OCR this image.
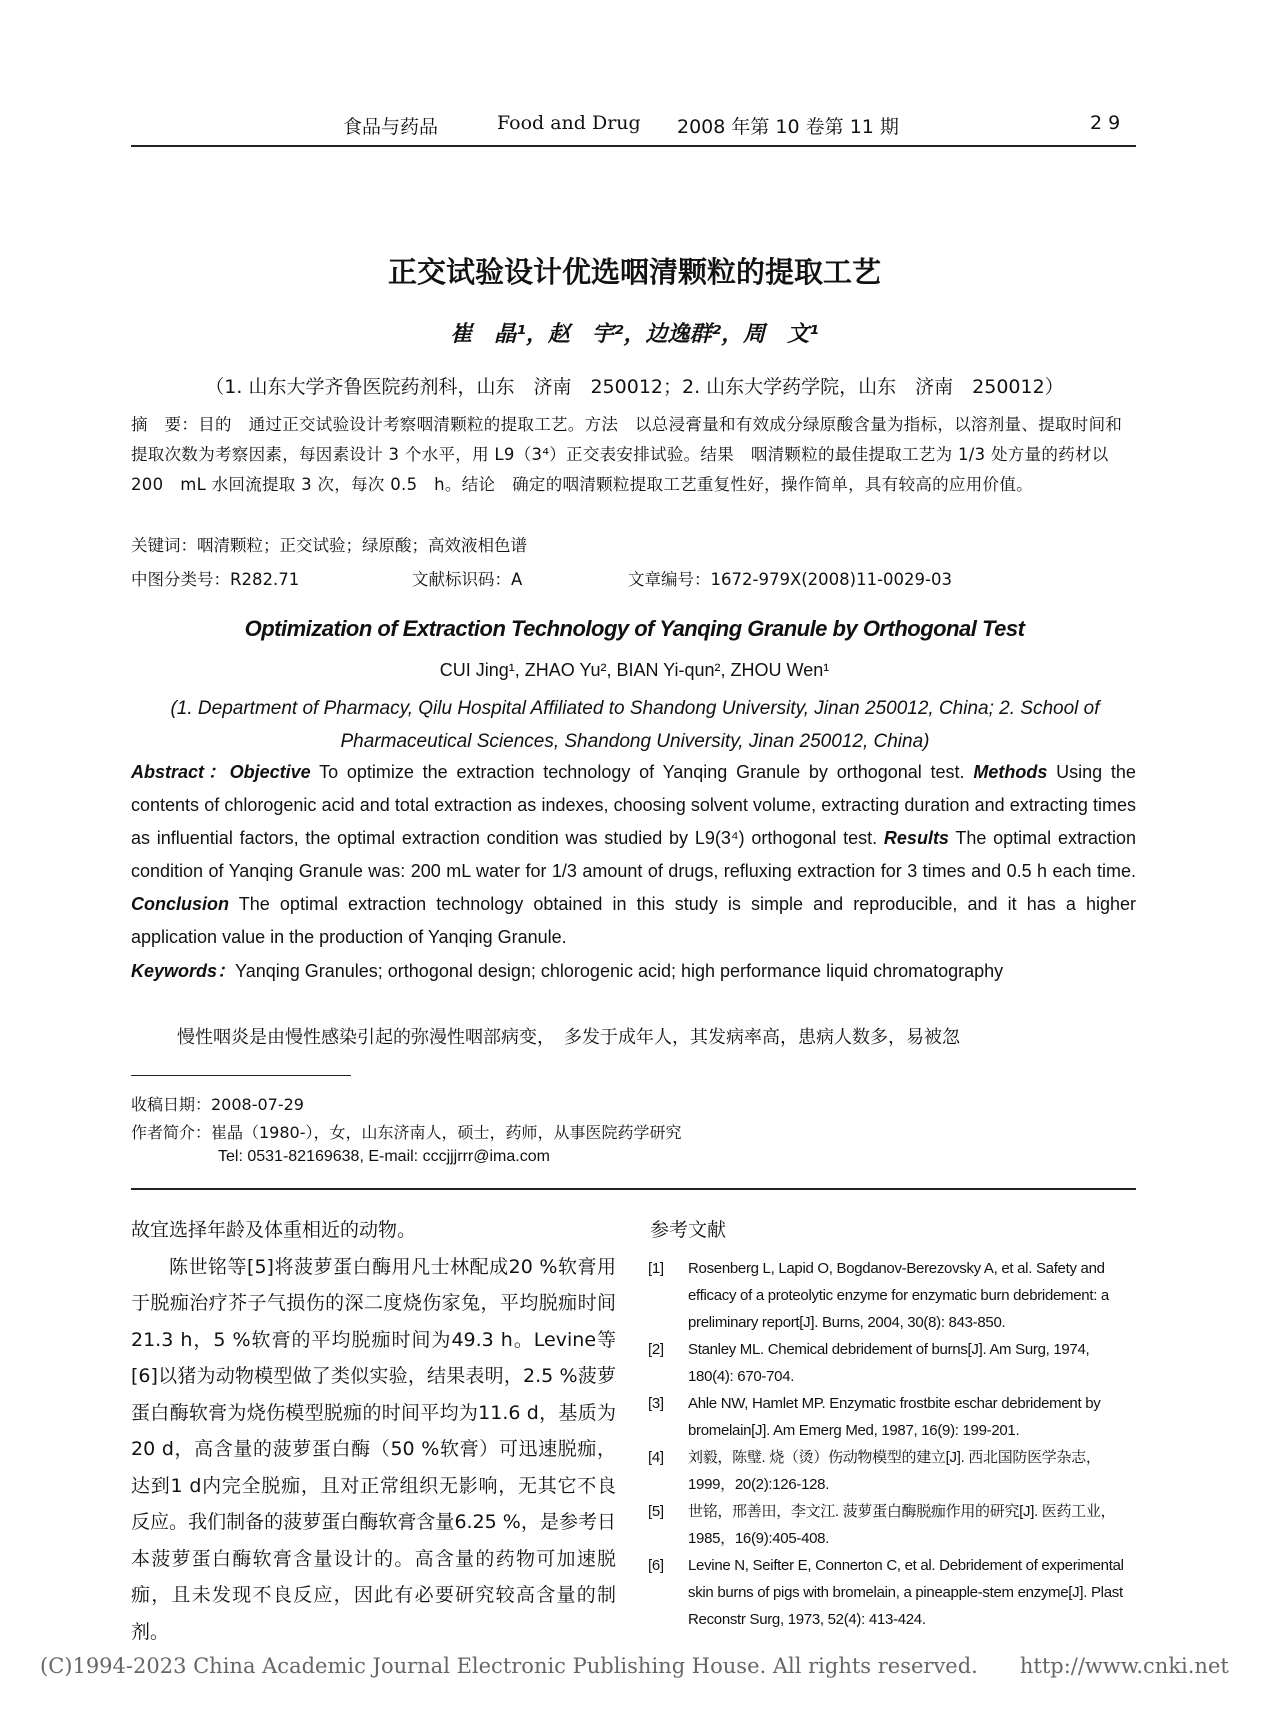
食品与药品	Food and Drug 2008 年第 10 卷第 11 期	2 9
正交试验设计优选咽清颗粒的提取工艺
崔　晶¹，赵　宇²，边逸群²，周　文¹
（1. 山东大学齐鲁医院药剂科，山东　济南　250012；2. 山东大学药学院，山东　济南　250012）
摘　要：目的　通过正交试验设计考察咽清颗粒的提取工艺。方法　以总浸膏量和有效成分绿原酸含量为指标，以溶剂量、提取时间和提取次数为考察因素，每因素设计 3 个水平，用 L9（3⁴）正交表安排试验。结果　咽清颗粒的最佳提取工艺为 1/3 处方量的药材以 200　mL 水回流提取 3 次，每次 0.5　h。结论　确定的咽清颗粒提取工艺重复性好，操作简单，具有较高的应用价值。
关键词：咽清颗粒；正交试验；绿原酸；高效液相色谱
中图分类号：R282.71	文献标识码：A	文章编号：1672-979X(2008)11-0029-03
Optimization of Extraction Technology of Yanqing Granule by Orthogonal Test
CUI Jing¹, ZHAO Yu², BIAN Yi-qun², ZHOU Wen¹
(1. Department of Pharmacy, Qilu Hospital Affiliated to Shandong University, Jinan 250012, China; 2. School of Pharmaceutical Sciences, Shandong University, Jinan 250012, China)
Abstract：Objective To optimize the extraction technology of Yanqing Granule by orthogonal test. Methods Using the contents of chlorogenic acid and total extraction as indexes, choosing solvent volume, extracting duration and extracting times as influential factors, the optimal extraction condition was studied by L9(3⁴) orthogonal test. Results The optimal extraction condition of Yanqing Granule was: 200 mL water for 1/3 amount of drugs, refluxing extraction for 3 times and 0.5 h each time. Conclusion The optimal extraction technology obtained in this study is simple and reproducible, and it has a higher application value in the production of Yanqing Granule.
Keywords：Yanqing Granules; orthogonal design; chlorogenic acid; high performance liquid chromatography
慢性咽炎是由慢性感染引起的弥漫性咽部病变，　多发于成年人，其发病率高，患病人数多，易被忽
收稿日期：2008-07-29
作者简介：崔晶（1980-），女，山东济南人，硕士，药师，从事医院药学研究
Tel: 0531-82169638, E-mail: cccjjjrrr@ima.com

故宜选择年龄及体重相近的动物。

陈世铭等[5]将菠萝蛋白酶用凡士林配成20 %软膏用于脱痂治疗芥子气损伤的深二度烧伤家兔，平均脱痂时间21.3 h，5 %软膏的平均脱痂时间为49.3 h。Levine等[6]以猪为动物模型做了类似实验，结果表明，2.5 %菠萝蛋白酶软膏为烧伤模型脱痂的时间平均为11.6 d，基质为20 d，高含量的菠萝蛋白酶（50 %软膏）可迅速脱痂，达到1 d内完全脱痂，且对正常组织无影响，无其它不良反应。我们制备的菠萝蛋白酶软膏含量6.25 %，是参考日本菠萝蛋白酶软膏含量设计的。高含量的药物可加速脱痂，且未发现不良反应，因此有必要研究较高含量的制剂。

参考文献
[1] Rosenberg L, Lapid O, Bogdanov-Berezovsky A, et al. Safety and efficacy of a proteolytic enzyme for enzymatic burn debridement: a preliminary report[J]. Burns, 2004, 30(8): 843-850.
[2] Stanley ML. Chemical debridement of burns[J]. Am Surg, 1974, 180(4): 670-704.
[3] Ahle NW, Hamlet MP. Enzymatic frostbite eschar debridement by bromelain[J]. Am Emerg Med, 1987, 16(9): 199-201.
[4] 刘毅，陈璧. 烧（烫）伤动物模型的建立[J]. 西北国防医学杂志，1999，20(2):126-128.
[5] 世铭，邢善田，李文江. 菠萝蛋白酶脱痂作用的研究[J]. 医药工业，1985，16(9):405-408.
[6] Levine N, Seifter E, Connerton C, et al. Debridement of experimental skin burns of pigs with bromelain, a pineapple-stem enzyme[J]. Plast Reconstr Surg, 1973, 52(4): 413-424.
(C)1994-2023 China Academic Journal Electronic Publishing House. All rights reserved.　　http://www.cnki.net
